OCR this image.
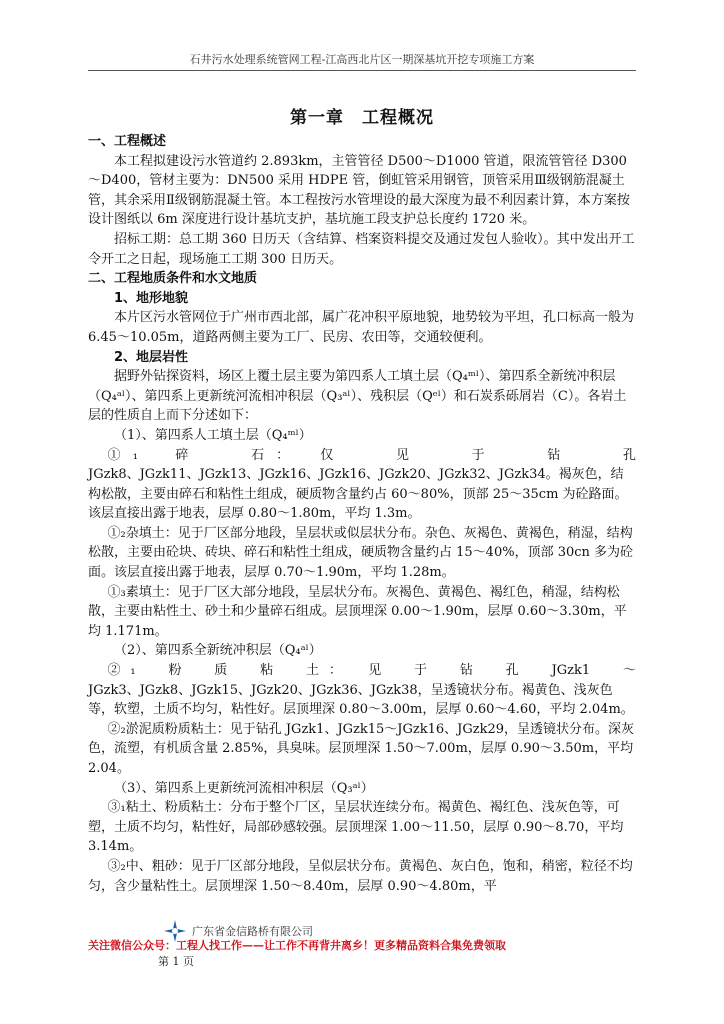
石井污水处理系统管网工程-江高西北片区一期深基坑开挖专项施工方案
第一章　工程概况

一、工程概述

本工程拟建设污水管道约 2.893km，主管管径 D500～D1000 管道，限流管管径 D300～D400，管材主要为：DN500 采用 HDPE 管，倒虹管采用钢管，顶管采用Ⅲ级钢筋混凝土管，其余采用Ⅱ级钢筋混凝土管。本工程按污水管埋设的最大深度为最不利因素计算，本方案按设计图纸以 6m 深度进行设计基坑支护，基坑施工段支护总长度约 1720 米。

招标工期：总工期 360 日历天（含结算、档案资料提交及通过发包人验收）。其中发出开工令开工之日起，现场施工工期 300 日历天。

二、工程地质条件和水文地质

1、地形地貌

本片区污水管网位于广州市西北部，属广花冲积平原地貌，地势较为平坦，孔口标高一般为 6.45～10.05m，道路两侧主要为工厂、民房、农田等，交通较便利。

2、地层岩性

据野外钻探资料，场区上覆土层主要为第四系人工填土层（Q₄ᵐˡ）、第四系全新统冲积层（Q₄ᵃˡ）、第四系上更新统河流相冲积层（Q₃ᵃˡ）、残积层（Qᵉˡ）和石炭系砾屑岩（C）。各岩土层的性质自上而下分述如下：

（1）、第四系人工填土层（Q₄ᵐˡ）

①₁　碎　　石：　仅　　见　　于　　钻　　孔

JGzk8、JGzk11、JGzk13、JGzk16、JGzk16、JGzk20、JGzk32、JGzk34。褐灰色，结构松散，主要由碎石和粘性土组成，硬质物含量约占 60～80%，顶部 25～35cm 为砼路面。该层直接出露于地表，层厚 0.80～1.80m，平均 1.3m。

①₂杂填土：见于厂区部分地段，呈层状或似层状分布。杂色、灰褐色、黄褐色，稍湿，结构松散，主要由砼块、砖块、碎石和粘性土组成，硬质物含量约占 15～40%，顶部 30cn 多为砼面。该层直接出露于地表，层厚 0.70～1.90m，平均 1.28m。

①₃素填土：见于厂区大部分地段，呈层状分布。灰褐色、黄褐色、褐红色，稍湿，结构松散，主要由粘性土、砂土和少量碎石组成。层顶埋深 0.00～1.90m，层厚 0.60～3.30m，平均 1.171m。

（2）、第四系全新统冲积层（Q₄ᵃˡ）

②₁　粉　质　粘　土：　见　于　钻　孔　JGzk1　～

JGzk3、JGzk8、JGzk15、JGzk20、JGzk36、JGzk38，呈透镜状分布。褐黄色、浅灰色等，软塑，土质不均匀，粘性好。层顶埋深 0.80～3.00m，层厚 0.60～4.60，平均 2.04m。

②₂淤泥质粉质粘土：见于钻孔 JGzk1、JGzk15～JGzk16、JGzk29，呈透镜状分布。深灰色，流塑，有机质含量 2.85%，具臭味。层顶埋深 1.50～7.00m，层厚 0.90～3.50m，平均 2.04。

（3）、第四系上更新统河流相冲积层（Q₃ᵃˡ）

③₁粘土、粉质粘土：分布于整个厂区，呈层状连续分布。褐黄色、褐红色、浅灰色等，可塑，土质不均匀，粘性好，局部砂感较强。层顶埋深 1.00～11.50，层厚 0.90～8.70，平均 3.14m。

③₂中、粗砂：见于厂区部分地段，呈似层状分布。黄褐色、灰白色，饱和，稍密，粒径不均匀，含少量粘性土。层顶埋深 1.50～8.40m，层厚 0.90～4.80m，平

广东省金信路桥有限公司
关注微信公众号：工程人找工作——让工作不再背井离乡！更多精品资料合集免费领取
第 1 页
